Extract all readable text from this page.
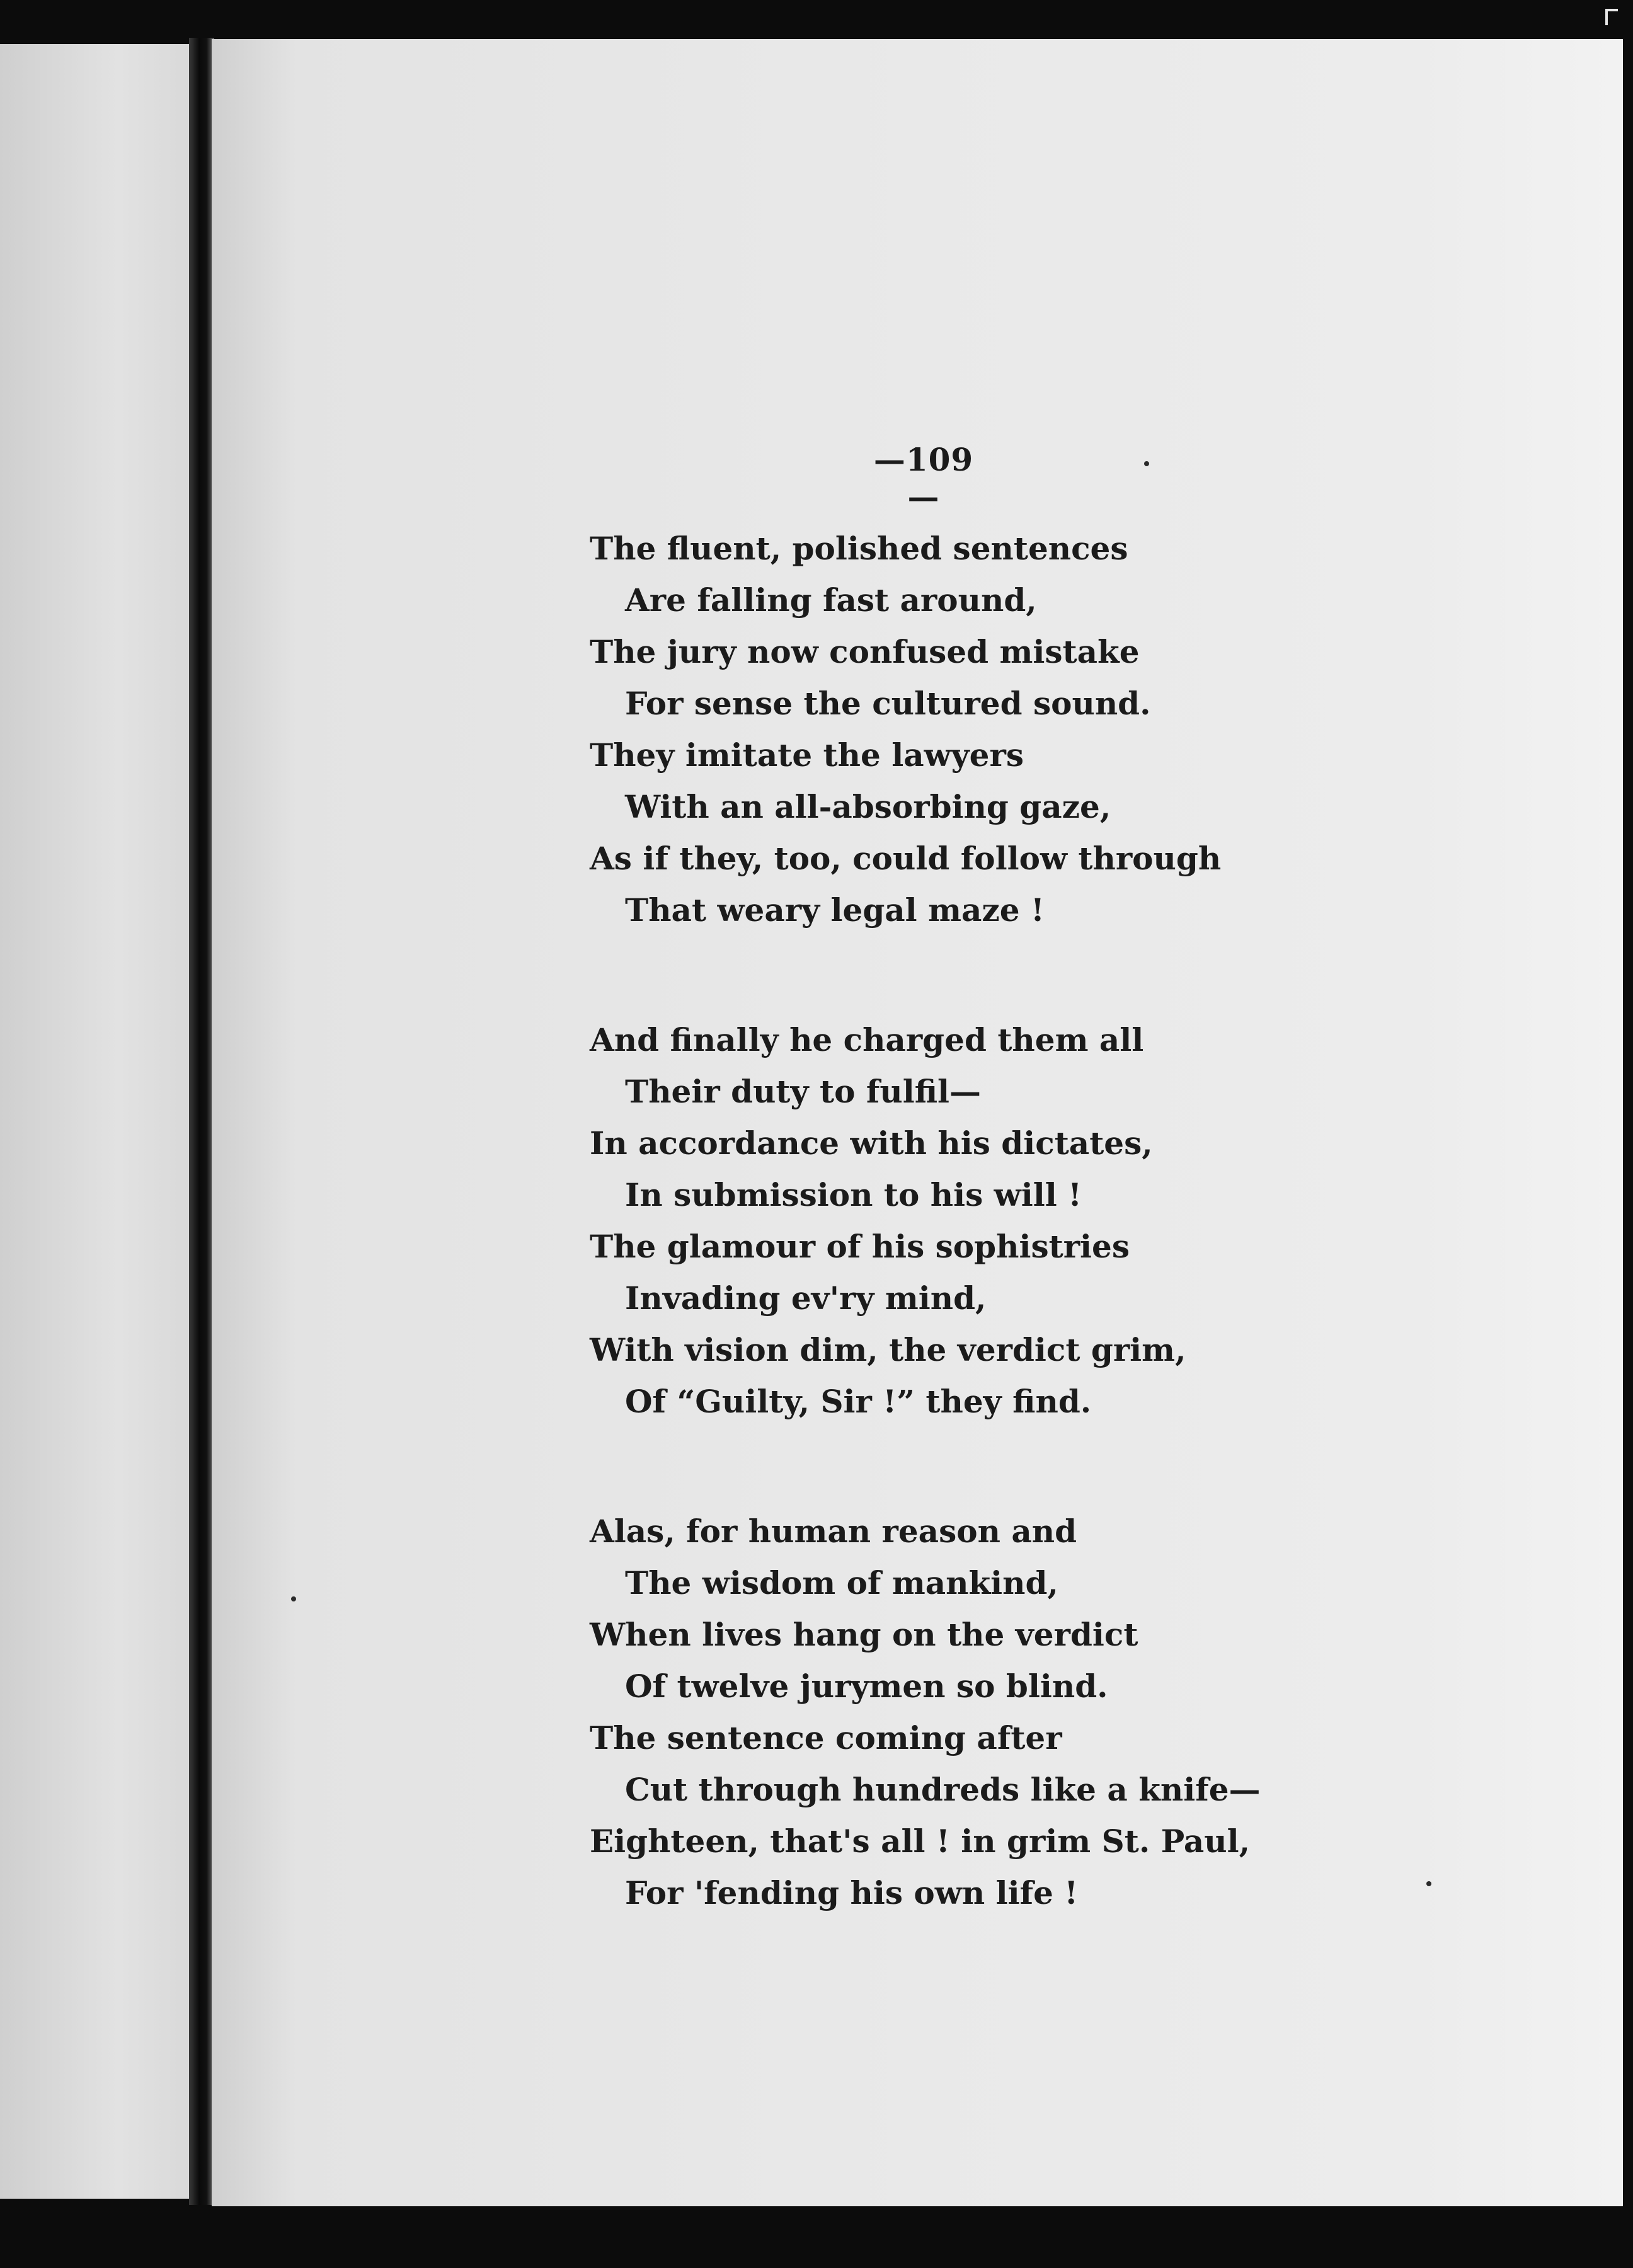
—109—
The fluent, polished sentences
Are falling fast around,
The jury now confused mistake
For sense the cultured sound.
They imitate the lawyers
With an all-absorbing gaze,
As if they, too, could follow through
That weary legal maze !
And finally he charged them all
Their duty to fulfil—
In accordance with his dictates,
In submission to his will !
The glamour of his sophistries
Invading ev'ry mind,
With vision dim, the verdict grim,
Of “Guilty, Sir !” they find.
Alas, for human reason and
The wisdom of mankind,
When lives hang on the verdict
Of twelve jurymen so blind.
The sentence coming after
Cut through hundreds like a knife—
Eighteen, that's all ! in grim St. Paul,
For 'fending his own life !
